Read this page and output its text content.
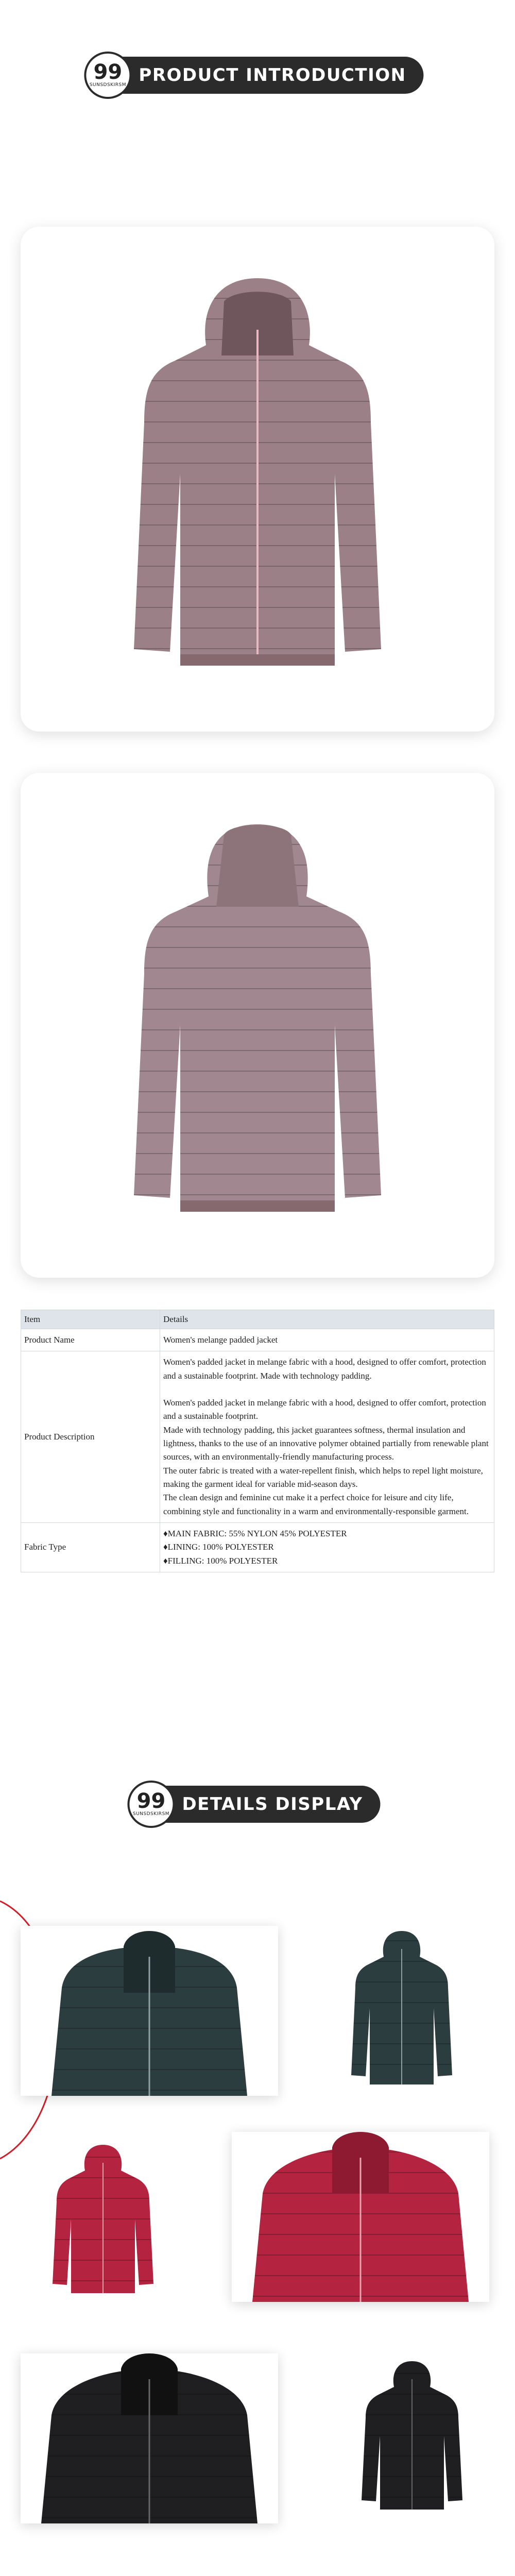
99
SUNSDSKIRSM PRODUCT INTRODUCTION
Item	Details
Product Name	Women's melange padded jacket
Product Description	Women's padded jacket in melange fabric with a hood, designed to offer comfort, protection and a sustainable footprint. Made with technology padding.

Women's padded jacket in melange fabric with a hood, designed to offer comfort, protection and a sustainable footprint.

Made with technology padding, this jacket guarantees softness, thermal insulation and lightness, thanks to the use of an innovative polymer obtained partially from renewable plant sources, with an environmentally-friendly manufacturing process.

The outer fabric is treated with a water-repellent finish, which helps to repel light moisture, making the garment ideal for variable mid-season days.

The clean design and feminine cut make it a perfect choice for leisure and city life, combining style and functionality in a warm and environmentally-responsible garment.

Fabric Type	♦MAIN FABRIC: 55% NYLON 45% POLYESTER

♦LINING: 100% POLYESTER

♦FILLING: 100% POLYESTER

99
SUNSDSKIRSM DETAILS DISPLAY
